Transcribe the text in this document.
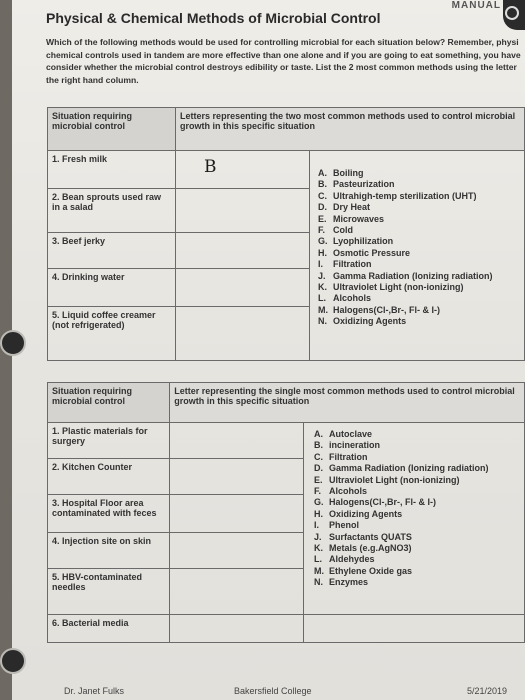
MANUAL
Physical & Chemical Methods of Microbial Control
Which of the following methods would be used for controlling microbial for each situation below? Remember, physi chemical controls used in tandem are more effective than one alone and if you are going to eat something, you have consider whether the microbial control destroys edibility or taste. List the 2 most common methods using the letter the right hand column.
Situation requiring microbial control	Letters representing the two most common methods used to control microbial growth in this specific situation	
1. Fresh milk	B	

2. Bean sprouts used raw in a salad		
3. Beef jerky		
4. Drinking water		
5. Liquid coffee creamer (not refrigerated)		
A. Boiling
B. Pasteurization
C. Ultrahigh-temp sterilization (UHT)
D. Dry Heat
E. Microwaves
F. Cold
G. Lyophilization
H. Osmotic Pressure
I. Filtration
J. Gamma Radiation (Ionizing radiation)
K. Ultraviolet Light (non-ionizing)
L. Alcohols
M. Halogens(Cl-,Br-, Fl- & I-)
N. Oxidizing Agents
Situation requiring microbial control	Letter representing the single most common methods used to control microbial growth in this specific situation	
1. Plastic materials for surgery		
2. Kitchen Counter		
3. Hospital Floor area contaminated with feces		
4. Injection site on skin		
5. HBV-contaminated needles		
6. Bacterial media		
A. Autoclave
B. incineration
C. Filtration
D. Gamma Radiation (Ionizing radiation)
E. Ultraviolet Light (non-ionizing)
F. Alcohols
G. Halogens(Cl-,Br-, Fl- & I-)
H. Oxidizing Agents
I. Phenol
J. Surfactants QUATS
K. Metals (e.g.AgNO3)
L. Aldehydes
M. Ethylene Oxide gas
N. Enzymes
Dr. Janet Fulks	Bakersfield College	5/21/2019
